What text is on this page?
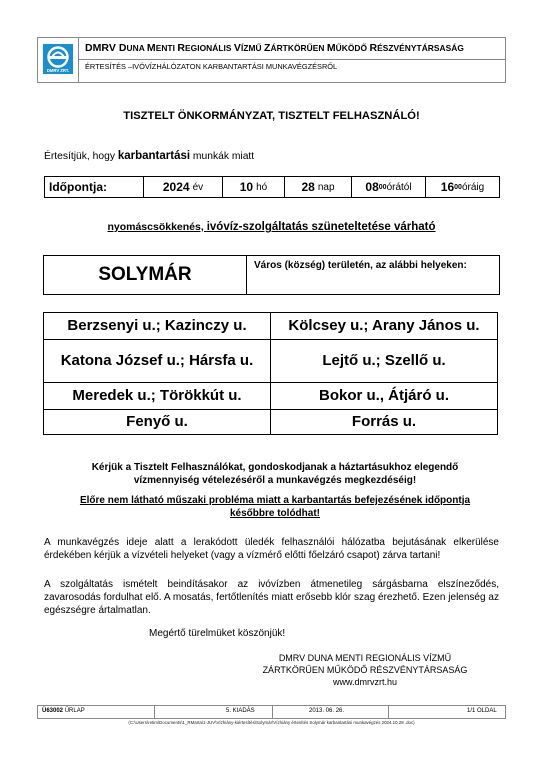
DMRV ZRT.
DMRV DUNA MENTI REGIONÁLIS VÍZMŰ ZÁRTKÖRŰEN MŰKÖDŐ RÉSZVÉNYTÁRSASÁG
ÉRTESÍTÉS –IVÓVÍZHÁLÓZATON KARBANTARTÁSI MUNKAVÉGZÉSRŐL
TISZTELT ÖNKORMÁNYZAT, TISZTELT FELHASZNÁLÓ!
Értesítjük, hogy karbantartási munkák miatt
Időpontja:	2024 év	10 hó	28 nap	08 00 órától 16 00 óráig
nyomáscsökkenés, ivóvíz-szolgáltatás szüneteltetése várható
SOLYMÁR	Város (község) területén, az alábbi helyeken:
Berzsenyi u.; Kazinczy u.	Kölcsey u.; Arany János u.
Katona József u.; Hársfa u.	Lejtő u.; Szellő u.
Meredek u.; Törökkút u.	Bokor u., Átjáró u.
Fenyő u.	Forrás u.
Kérjük a Tisztelt Felhasználókat, gondoskodjanak a háztartásukhoz elegendő vízmennyiség vételezéséről a munkavégzés megkezdéséig!
Előre nem látható műszaki probléma miatt a karbantartás befejezésének időpontja későbbre tolódhat!
A munkavégzés ideje alatt a lerakódott üledék felhasználói hálózatba bejutásának elkerülése érdekében kérjük a vízvételi helyeket (vagy a vízmérő előtti főelzáró csapot) zárva tartani!
A szolgáltatás ismételt beindításakor az ivóvízben átmenetileg sárgásbarna elszíneződés, zavarosodás fordulhat elő. A mosatás, fertőtlenítés miatt erősebb klór szag érezhető. Ezen jelenség az egészségre ártalmatlan.
Megértő türelmüket köszönjük!
DMRV DUNA MENTI REGIONÁLIS VÍZMŰ
ZÁRTKÖRŰEN MŰKÖDŐ RÉSZVÉNYTÁRSASÁG
www.dmrvzrt.hu
Ü63002 ŰRLAP	5. KIADÁS	2013. 06. 26.	1/1 OLDAL
(C:\Users\retim\Documents\1_RMarta\1-JUV\Vízhiány-kiértesítés\Solymár\Vízhiány értesítés Solymár karbantartási munkavégzés 2024.10.28 .doc)
